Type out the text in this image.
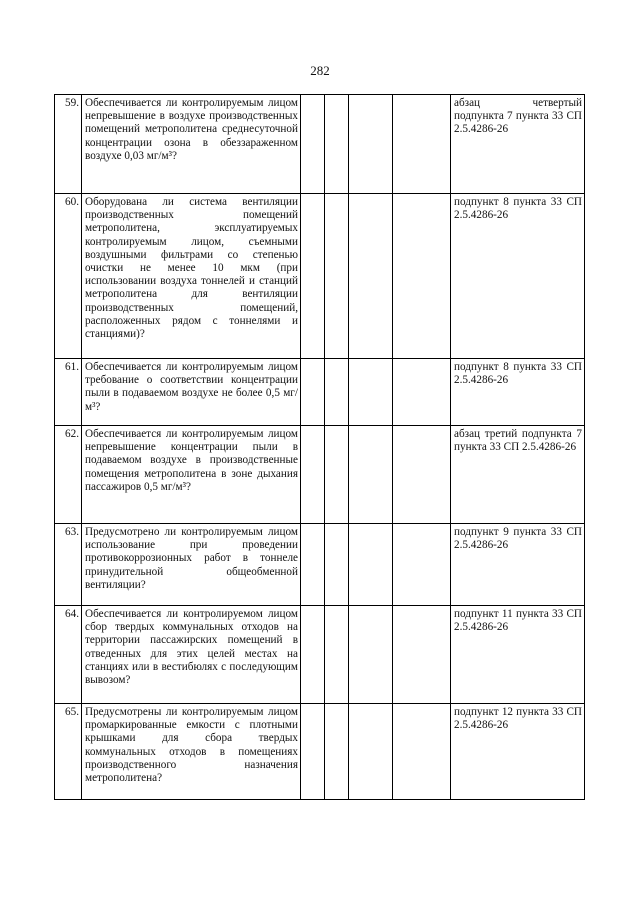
282
59.	Обеспечивается ли контролируемым лицом непревышение в воздухе производственных помещений метрополитена среднесуточной концентрации озона в обеззараженном воздухе 0,03 мг/м³?					абзац четвертый подпункта 7 пункта 33 СП 2.5.4286-26
60.	Оборудована ли система вентиляции производственных помещений метрополитена, эксплуатируемых контролируемым лицом, съемными воздушными фильтрами со степенью очистки не менее 10 мкм (при использовании воздуха тоннелей и станций метрополитена для вентиляции производственных помещений, расположенных рядом с тоннелями и станциями)?					подпункт 8 пункта 33 СП 2.5.4286-26
61.	Обеспечивается ли контролируемым лицом требование о соответствии концентрации пыли в подаваемом воздухе не более 0,5 мг/м³?					подпункт 8 пункта 33 СП 2.5.4286-26
62.	Обеспечивается ли контролируемым лицом непревышение концентрации пыли в подаваемом воздухе в производственные помещения метрополитена в зоне дыхания пассажиров 0,5 мг/м³?					абзац третий подпункта 7 пункта 33 СП 2.5.4286-26
63.	Предусмотрено ли контролируемым лицом использование при проведении противокоррозионных работ в тоннеле принудительной общеобменной вентиляции?					подпункт 9 пункта 33 СП 2.5.4286-26
64.	Обеспечивается ли контролируемом лицом сбор твердых коммунальных отходов на территории пассажирских помещений в отведенных для этих целей местах на станциях или в вестибюлях с последующим вывозом?					подпункт 11 пункта 33 СП 2.5.4286-26
65.	Предусмотрены ли контролируемым лицом промаркированные емкости с плотными крышками для сбора твердых коммунальных отходов в помещениях производственного назначения метрополитена?					подпункт 12 пункта 33 СП 2.5.4286-26
